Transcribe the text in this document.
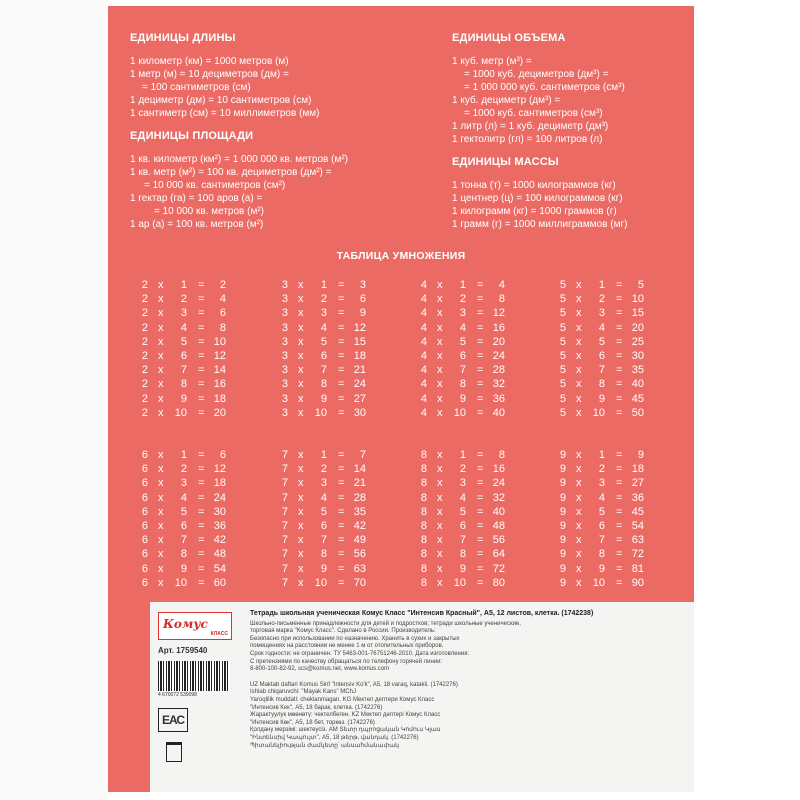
ЕДИНИЦЫ ДЛИНЫ
1 километр (км) = 1000 метров (м)
1 метр (м) = 10 дециметров (дм) =
= 100 сантиметров (см)
1 дециметр (дм) = 10 сантиметров (см)
1 сантиметр (см) = 10 миллиметров (мм)
ЕДИНИЦЫ ПЛОЩАДИ
1 кв. километр (км²) = 1 000 000 кв. метров (м²)
1 кв. метр (м²) = 100 кв. дециметров (дм²) =
= 10 000 кв. сантиметров (см²)
1 гектар (га) = 100 аров (а) =
= 10 000 кв. метров (м²)
1 ар (а) = 100 кв. метров (м²)
ЕДИНИЦЫ ОБЪЕМА
1 куб. метр (м³) =
= 1000 куб. дециметров (дм³) =
= 1 000 000 куб. сантиметров (см³)
1 куб. дециметр (дм³) =
= 1000 куб. сантиметров (см³)
1 литр (л) = 1 куб. дециметр (дм³)
1 гектолитр (гл) = 100 литров (л)
ЕДИНИЦЫ МАССЫ
1 тонна (т) = 1000 килограммов (кг)
1 центнер (ц) = 100 килограммов (кг)
1 килограмм (кг) = 1000 граммов (г)
1 грамм (г) = 1000 миллиграммов (мг)
ТАБЛИЦА УМНОЖЕНИЯ
2 x	1 =	2
2 x	2 =	4
2 x	3 =	6
2 x	4 =	8
2 x	5 = 10
2 x	6 = 12
2 x	7 = 14
2 x	8 = 16
2 x	9 = 18
2 x	10 = 20
3 x	1 =	3
3 x	2 =	6
3 x	3 =	9
3 x	4 = 12
3 x	5 = 15
3 x	6 = 18
3 x	7 = 21
3 x	8 = 24
3 x	9 = 27
3 x	10 = 30
4 x	1 =	4
4 x	2 =	8
4 x	3 = 12
4 x	4 = 16
4 x	5 = 20
4 x	6 = 24
4 x	7 = 28
4 x	8 = 32
4 x	9 = 36
4 x	10 = 40
5 x	1 =	5
5 x	2 = 10
5 x	3 = 15
5 x	4 = 20
5 x	5 = 25
5 x	6 = 30
5 x	7 = 35
5 x	8 = 40
5 x	9 = 45
5 x	10 = 50
6 x	1 =	6
6 x	2 = 12
6 x	3 = 18
6 x	4 = 24
6 x	5 = 30
6 x	6 = 36
6 x	7 = 42
6 x	8 = 48
6 x	9 = 54
6 x	10 = 60
7 x	1 =	7
7 x	2 = 14
7 x	3 = 21
7 x	4 = 28
7 x	5 = 35
7 x	6 = 42
7 x	7 = 49
7 x	8 = 56
7 x	9 = 63
7 x	10 = 70
8 x	1 =	8
8 x	2 = 16
8 x	3 = 24
8 x	4 = 32
8 x	5 = 40
8 x	6 = 48
8 x	7 = 56
8 x	8 = 64
8 x	9 = 72
8 x	10 = 80
9 x	1 =	9
9 x	2 = 18
9 x	3 = 27
9 x	4 = 36
9 x	5 = 45
9 x	6 = 54
9 x	7 = 63
9 x	8 = 72
9 x	9 = 81
9 x	10 = 90
Комус
КЛАСС
Арт. 1759540
4 670072 539098
ЕАС
Тетрадь школьная ученическая Комус Класс "Интенсив Красный", А5, 12 листов, клетка. (1742238)

Школьно-письменные принадлежности для детей и подростков; тетради школьные ученические,

торговая марка "Комус Класс". Сделано в России. Производитель:

Безопасно при использовании по назначению. Хранить в сухих и закрытых

помещениях на расстоянии не менее 1 м от отопительных приборов.

Срок годности: не ограничен. ТУ 5463-001-76751246-2010. Дата изготовления:

С претензиями по качеству обращаться по телефону горячей линии:

8-800-100-82-92, scs@komus.net, www.komus.com

UZ Maktab daftari Komus Sinf "Intensiv Ko'k", A5, 18 varaq, katakli. (1742276)

Ishlab chiqaruvchi: "Mayak Kans" MChJ

Yaroqlilik muddati: cheklanmagan. KG Мектеп дептери Комус Класс

"Интенсив Кек", А5, 18 барак, клетка. (1742276)

Жарактуулук мөөнөтү: чектелбеген. KZ Мектеп дәптері Комус Класс

"Интенсив Көк", А5, 18 бет, торкөз. (1742276)

Қолдану мерзімі: шектеусіз. AM Տետր դպրոցական Կոմուս Կլաս

"Ինտենսիվ Կապույտ", A5, 18 թերթ, վանդակ. (1742276)

Պիտանելիության ժամկետը՝ անսահմանափակ
